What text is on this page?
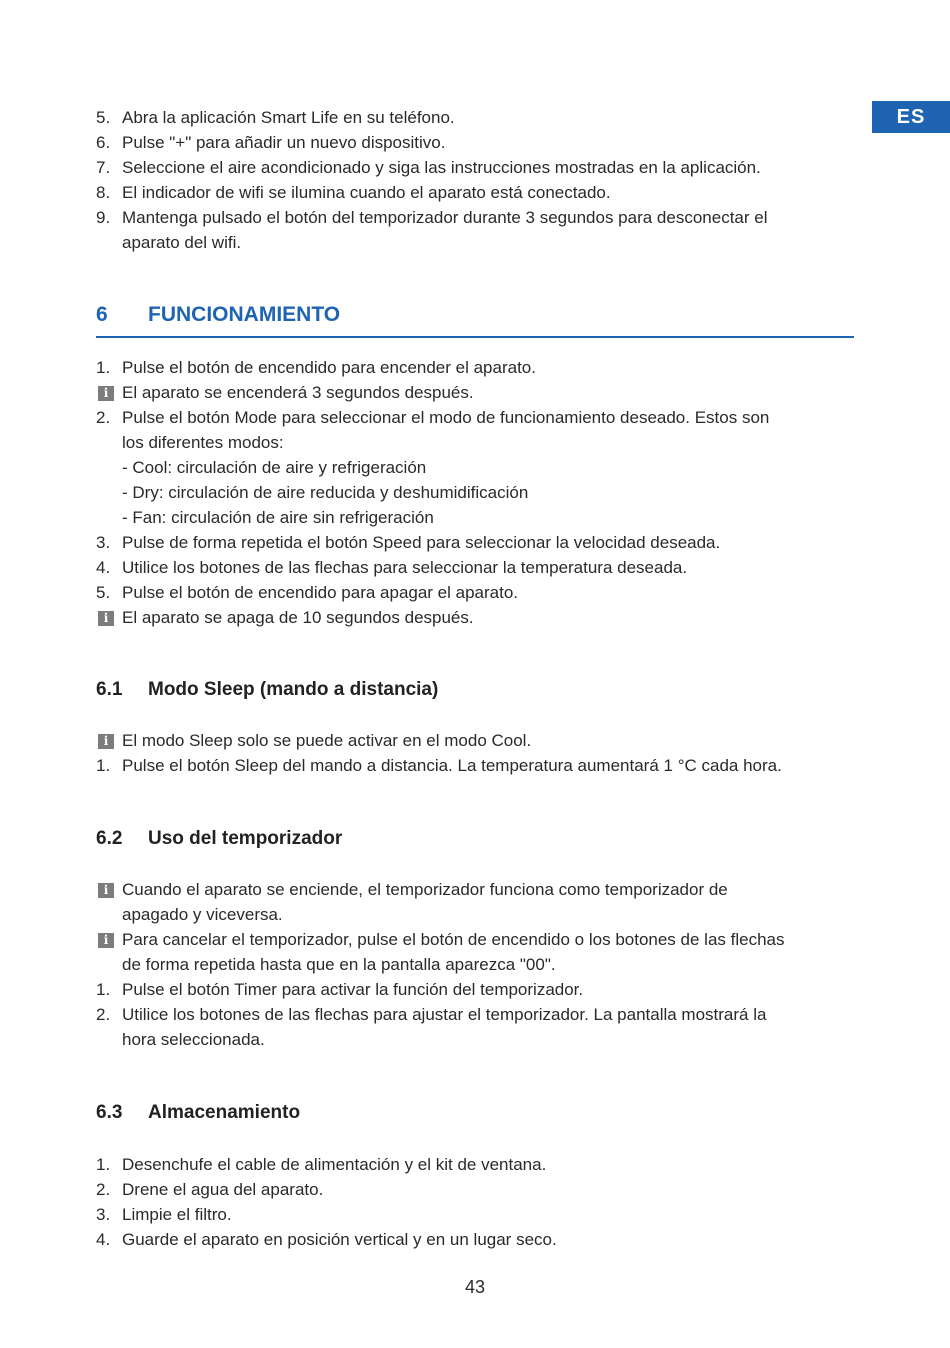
ES
5. Abra la aplicación Smart Life en su teléfono.
6. Pulse "+" para añadir un nuevo dispositivo.
7. Seleccione el aire acondicionado y siga las instrucciones mostradas en la aplicación.
8. El indicador de wifi se ilumina cuando el aparato está conectado.
9. Mantenga pulsado el botón del temporizador durante 3 segundos para desconectar el
aparato del wifi.
6 FUNCIONAMIENTO
1. Pulse el botón de encendido para encender el aparato.
i El aparato se encenderá 3 segundos después.
2. Pulse el botón Mode para seleccionar el modo de funcionamiento deseado. Estos son
los diferentes modos:
- Cool: circulación de aire y refrigeración
- Dry: circulación de aire reducida y deshumidificación
- Fan: circulación de aire sin refrigeración
3. Pulse de forma repetida el botón Speed para seleccionar la velocidad deseada.
4. Utilice los botones de las flechas para seleccionar la temperatura deseada.
5. Pulse el botón de encendido para apagar el aparato.
i El aparato se apaga de 10 segundos después.
6.1 Modo Sleep (mando a distancia)
i El modo Sleep solo se puede activar en el modo Cool.
1. Pulse el botón Sleep del mando a distancia. La temperatura aumentará 1 °C cada hora.
6.2 Uso del temporizador
i Cuando el aparato se enciende, el temporizador funciona como temporizador de
apagado y viceversa.
i Para cancelar el temporizador, pulse el botón de encendido o los botones de las flechas
de forma repetida hasta que en la pantalla aparezca "00".
1. Pulse el botón Timer para activar la función del temporizador.
2. Utilice los botones de las flechas para ajustar el temporizador. La pantalla mostrará la
hora seleccionada.
6.3 Almacenamiento
1. Desenchufe el cable de alimentación y el kit de ventana.
2. Drene el agua del aparato.
3. Limpie el filtro.
4. Guarde el aparato en posición vertical y en un lugar seco.
43
